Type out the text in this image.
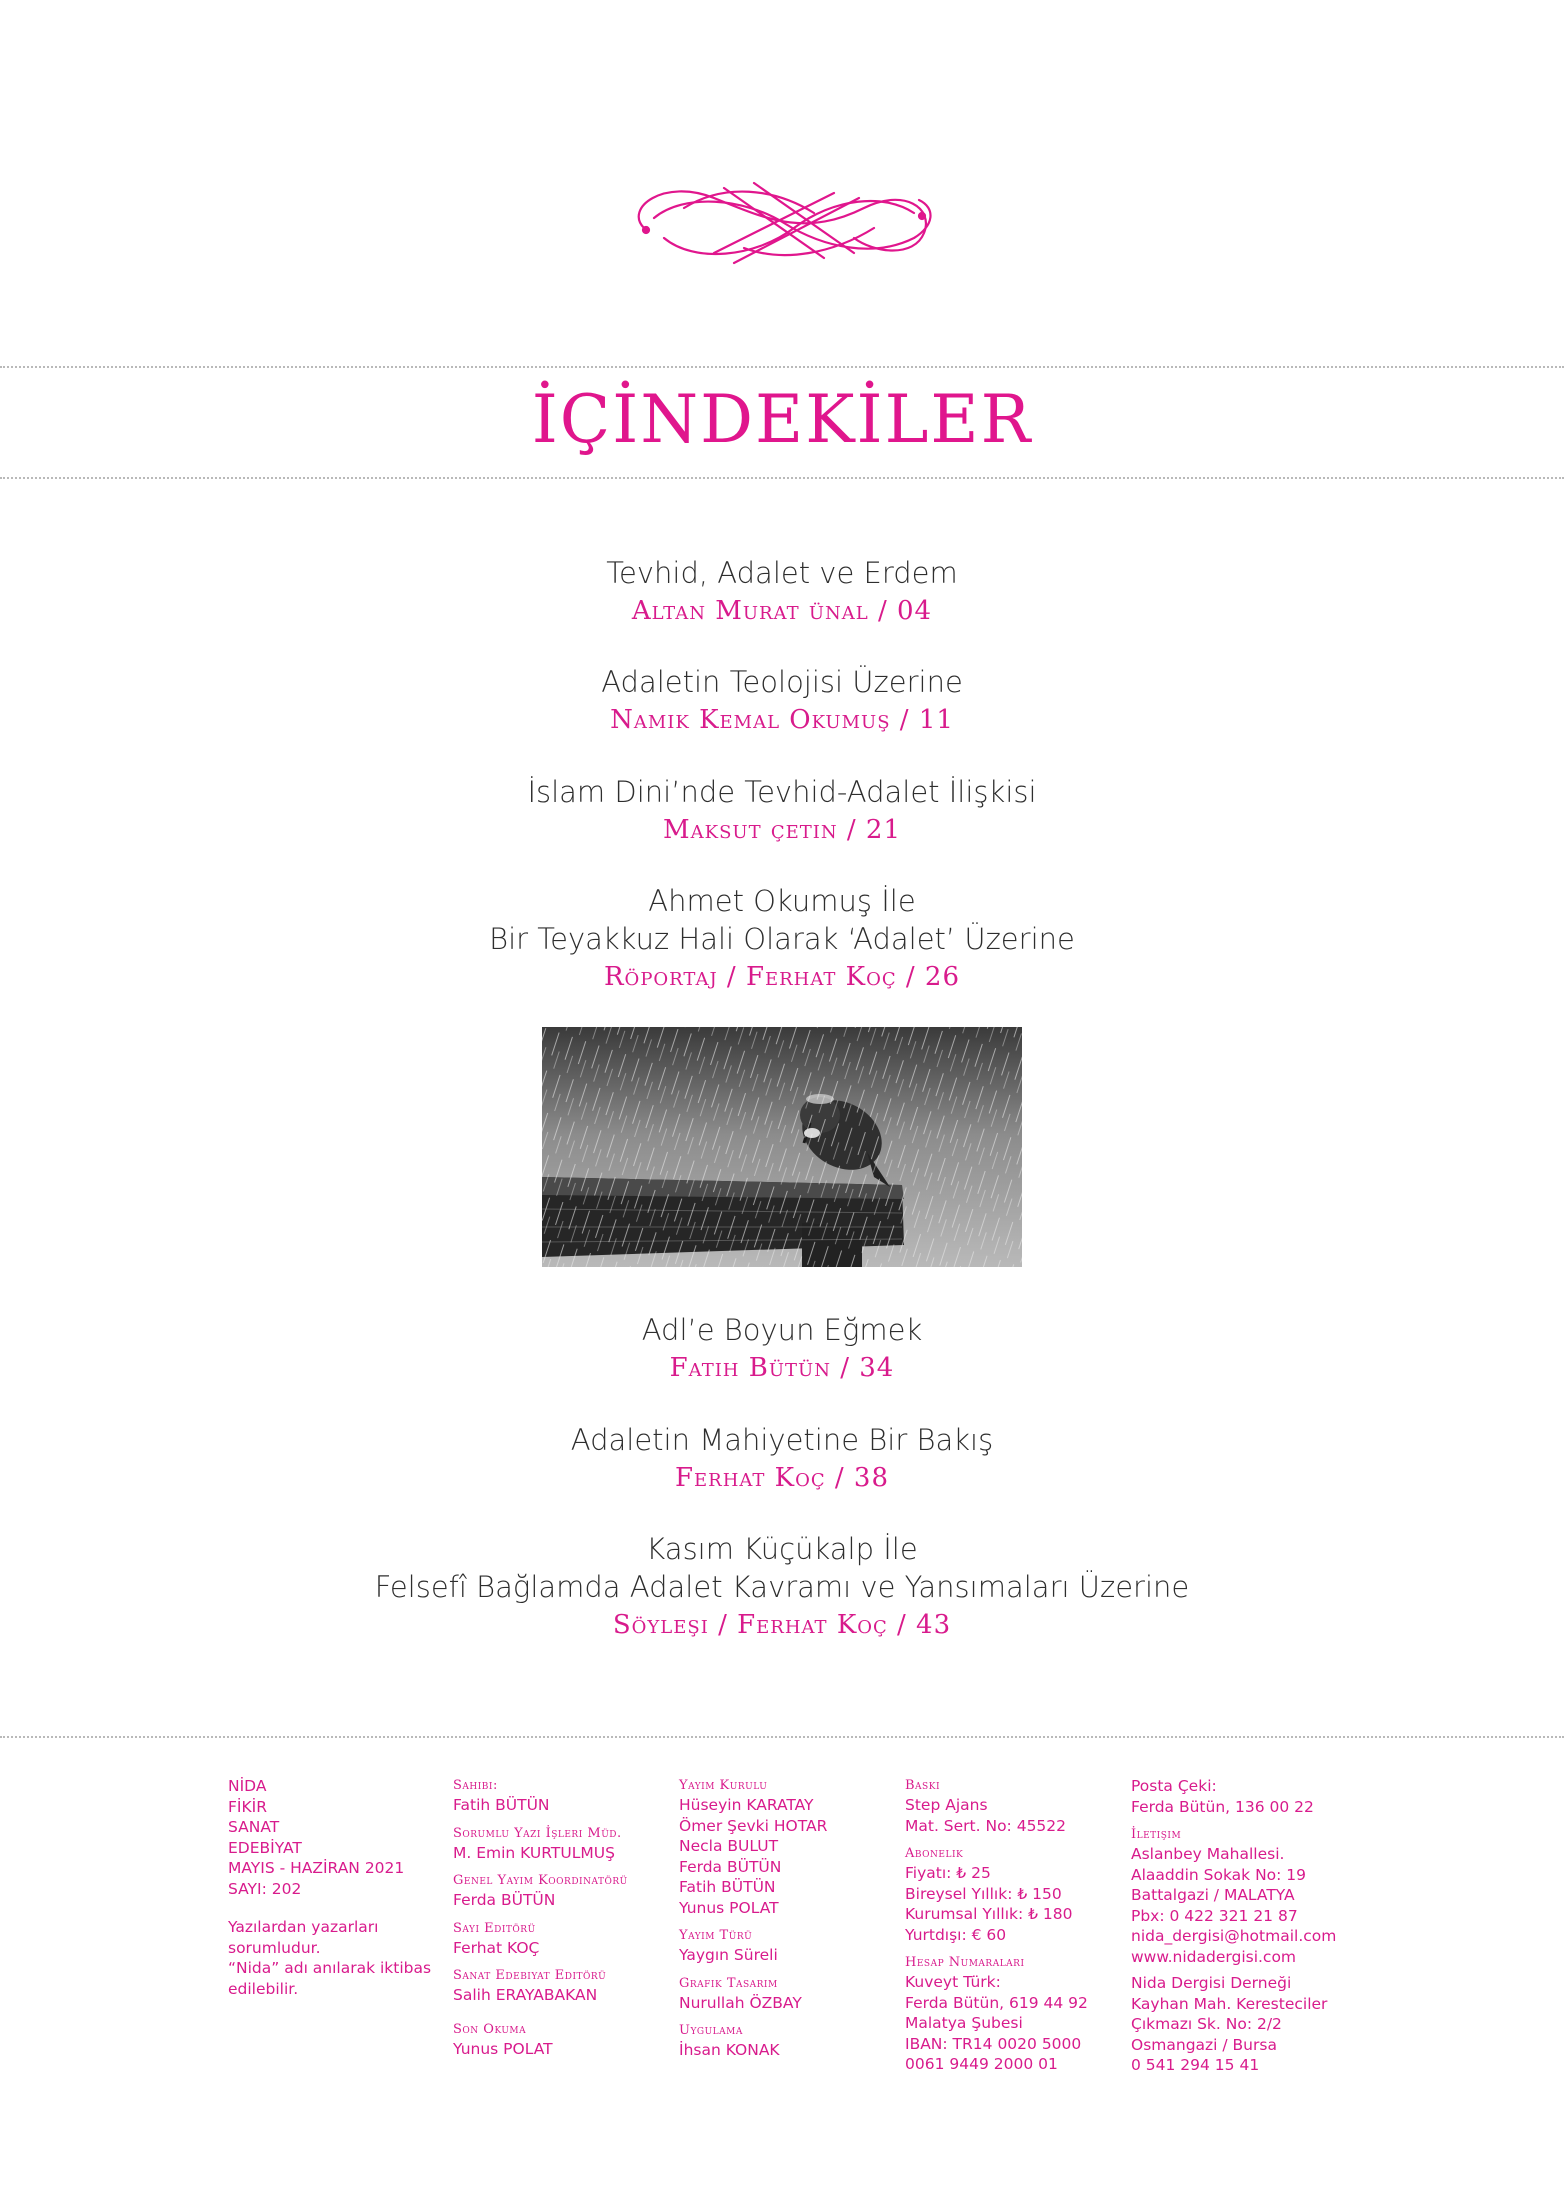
İÇİNDEKİLER
Tevhid, Adalet ve Erdem
Altan Murat ünal / 04
Adaletin Teolojisi Üzerine
Namık Kemal Okumuş / 11
İslam Dini’nde Tevhid-Adalet İlişkisi
Maksut çetin / 21
Ahmet Okumuş İle
Bir Teyakkuz Hali Olarak ‘Adalet’ Üzerine
Röportaj / Ferhat Koç / 26
Adl’e Boyun Eğmek
Fatih Bütün / 34
Adaletin Mahiyetine Bir Bakış
Ferhat Koç / 38
Kasım Küçükalp İle
Felsefî Bağlamda Adalet Kavramı ve Yansımaları Üzerine
Söyleşi / Ferhat Koç / 43
NİDA
FİKİR
SANAT
EDEBİYAT
MAYIS - HAZİRAN 2021
SAYI: 202
Yazılardan yazarları
sorumludur.
“Nida” adı anılarak iktibas
edilebilir.
Sahibi:
Fatih BÜTÜN
Sorumlu Yazı İşleri Müd.
M. Emin KURTULMUŞ
Genel Yayım Koordinatörü
Ferda BÜTÜN
Sayı Editörü
Ferhat KOÇ
Sanat Edebiyat Editörü
Salih ERAYABAKAN
Son Okuma
Yunus POLAT
Yayım Kurulu
Hüseyin KARATAY
Ömer Şevki HOTAR
Necla BULUT
Ferda BÜTÜN
Fatih BÜTÜN
Yunus POLAT
Yayım Türü
Yaygın Süreli
Grafik Tasarım
Nurullah ÖZBAY
Uygulama
İhsan KONAK
Baskı
Step Ajans
Mat. Sert. No: 45522
Abonelik
Fiyatı: ₺ 25
Bireysel Yıllık: ₺ 150
Kurumsal Yıllık: ₺ 180
Yurtdışı: € 60
Hesap Numaraları
Kuveyt Türk:
Ferda Bütün, 619 44 92
Malatya Şubesi
IBAN: TR14 0020 5000
0061 9449 2000 01
Posta Çeki:
Ferda Bütün, 136 00 22
İletişim
Aslanbey Mahallesi.
Alaaddin Sokak No: 19
Battalgazi / MALATYA
Pbx: 0 422 321 21 87
nida_dergisi@hotmail.com
www.nidadergisi.com
Nida Dergisi Derneği
Kayhan Mah. Keresteciler
Çıkmazı Sk. No: 2/2
Osmangazi / Bursa
0 541 294 15 41
